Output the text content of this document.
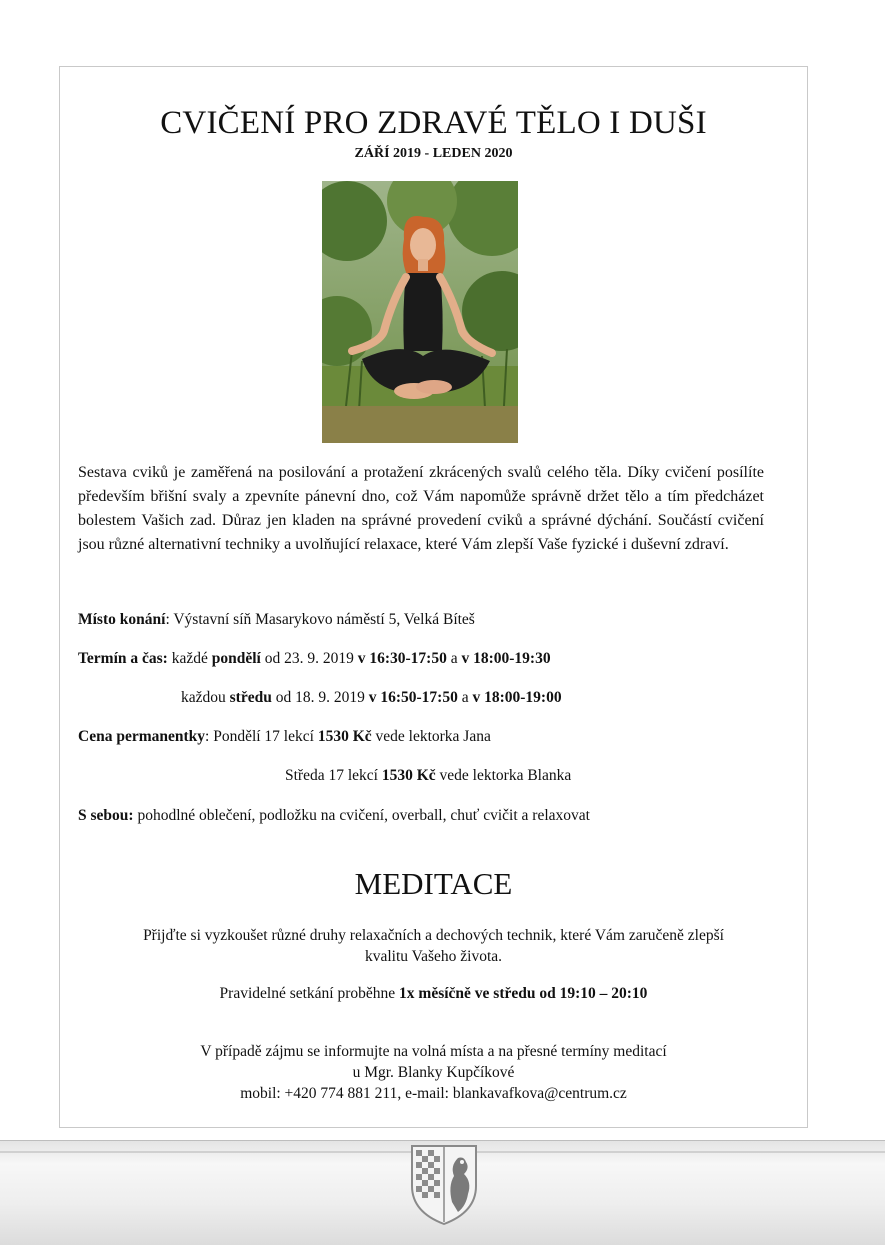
CVIČENÍ PRO ZDRAVÉ TĚLO I DUŠI
ZÁŘÍ 2019 - LEDEN 2020

Sestava cviků je zaměřená na posilování a protažení zkrácených svalů celého těla. Díky cvičení posílíte především břišní svaly a zpevníte pánevní dno, což Vám napomůže správně držet tělo a tím předcházet bolestem Vašich zad. Důraz jen kladen na správné provedení cviků a správné dýchání. Součástí cvičení jsou různé alternativní techniky a uvolňující relaxace, které Vám zlepší Vaše fyzické i duševní zdraví.

Místo konání: Výstavní síň Masarykovo náměstí 5, Velká Bíteš

Termín a čas: každé pondělí od 23. 9. 2019 v 16:30-17:50 a v 18:00-19:30

každou středu od 18. 9. 2019 v 16:50-17:50 a v 18:00-19:00

Cena permanentky: Pondělí 17 lekcí 1530 Kč vede lektorka Jana

Středa 17 lekcí 1530 Kč vede lektorka Blanka

S sebou: pohodlné oblečení, podložku na cvičení, overball, chuť cvičit a relaxovat

MEDITACE
Přijďte si vyzkoušet různé druhy relaxačních a dechových technik, které Vám zaručeně zlepší
kvalitu Vašeho života.
Pravidelné setkání proběhne 1x měsíčně ve středu od 19:10 – 20:10
V případě zájmu se informujte na volná místa a na přesné termíny meditací
u Mgr. Blanky Kupčíkové
mobil: +420 774 881 211, e-mail: blankavafkova@centrum.cz
